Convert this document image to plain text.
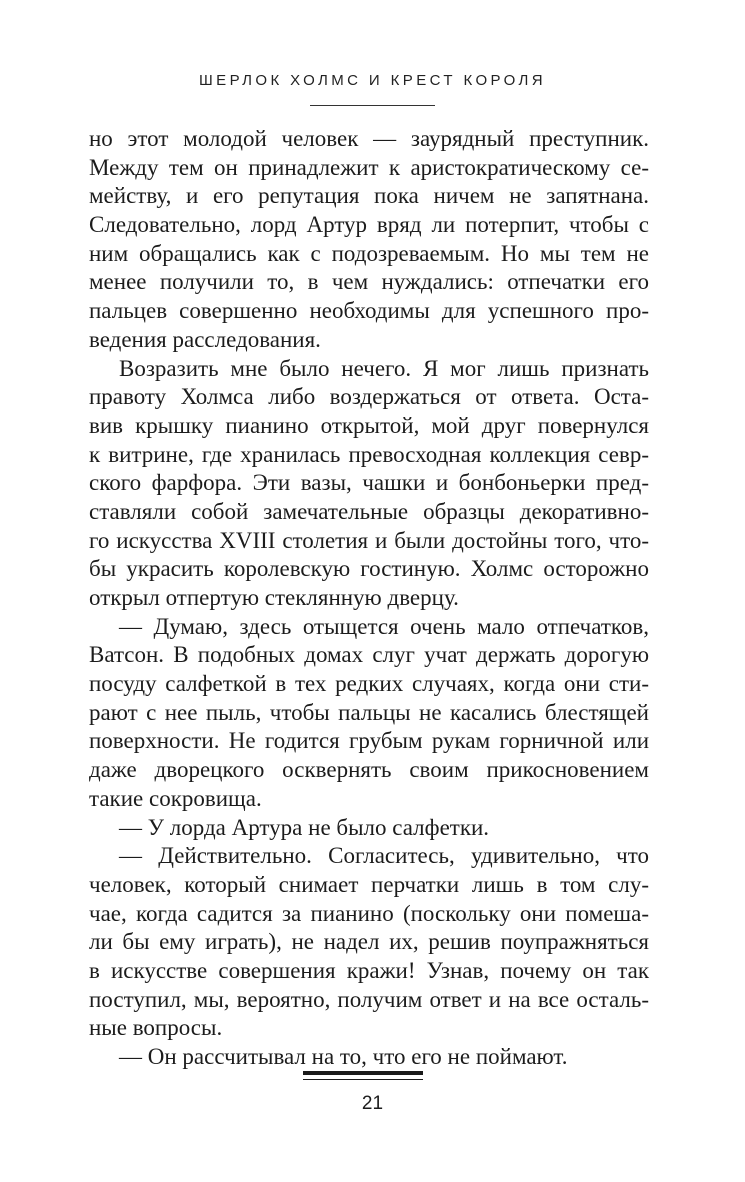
ШЕРЛОК ХОЛМС И КРЕСТ КОРОЛЯ
но этот молодой человек — заурядный преступник.
Между тем он принадлежит к аристократическому се-
мейству, и его репутация пока ничем не запятнана.
Следовательно, лорд Артур вряд ли потерпит, чтобы с
ним обращались как с подозреваемым. Но мы тем не
менее получили то, в чем нуждались: отпечатки его
пальцев совершенно необходимы для успешного про-
ведения расследования.
Возразить мне было нечего. Я мог лишь признать
правоту Холмса либо воздержаться от ответа. Оста-
вив крышку пианино открытой, мой друг повернулся
к витрине, где хранилась превосходная коллекция севр-
ского фарфора. Эти вазы, чашки и бонбоньерки пред-
ставляли собой замечательные образцы декоративно-
го искусства XVIII столетия и были достойны того, что-
бы украсить королевскую гостиную. Холмс осторожно
открыл отпертую стеклянную дверцу.
— Думаю, здесь отыщется очень мало отпечатков,
Ватсон. В подобных домах слуг учат держать дорогую
посуду салфеткой в тех редких случаях, когда они сти-
рают с нее пыль, чтобы пальцы не касались блестящей
поверхности. Не годится грубым рукам горничной или
даже дворецкого осквернять своим прикосновением
такие сокровища.
— У лорда Артура не было салфетки.
— Действительно. Согласитесь, удивительно, что
человек, который снимает перчатки лишь в том слу-
чае, когда садится за пианино (поскольку они помеша-
ли бы ему играть), не надел их, решив поупражняться
в искусстве совершения кражи! Узнав, почему он так
поступил, мы, вероятно, получим ответ и на все осталь-
ные вопросы.
— Он рассчитывал на то, что его не поймают.
21
